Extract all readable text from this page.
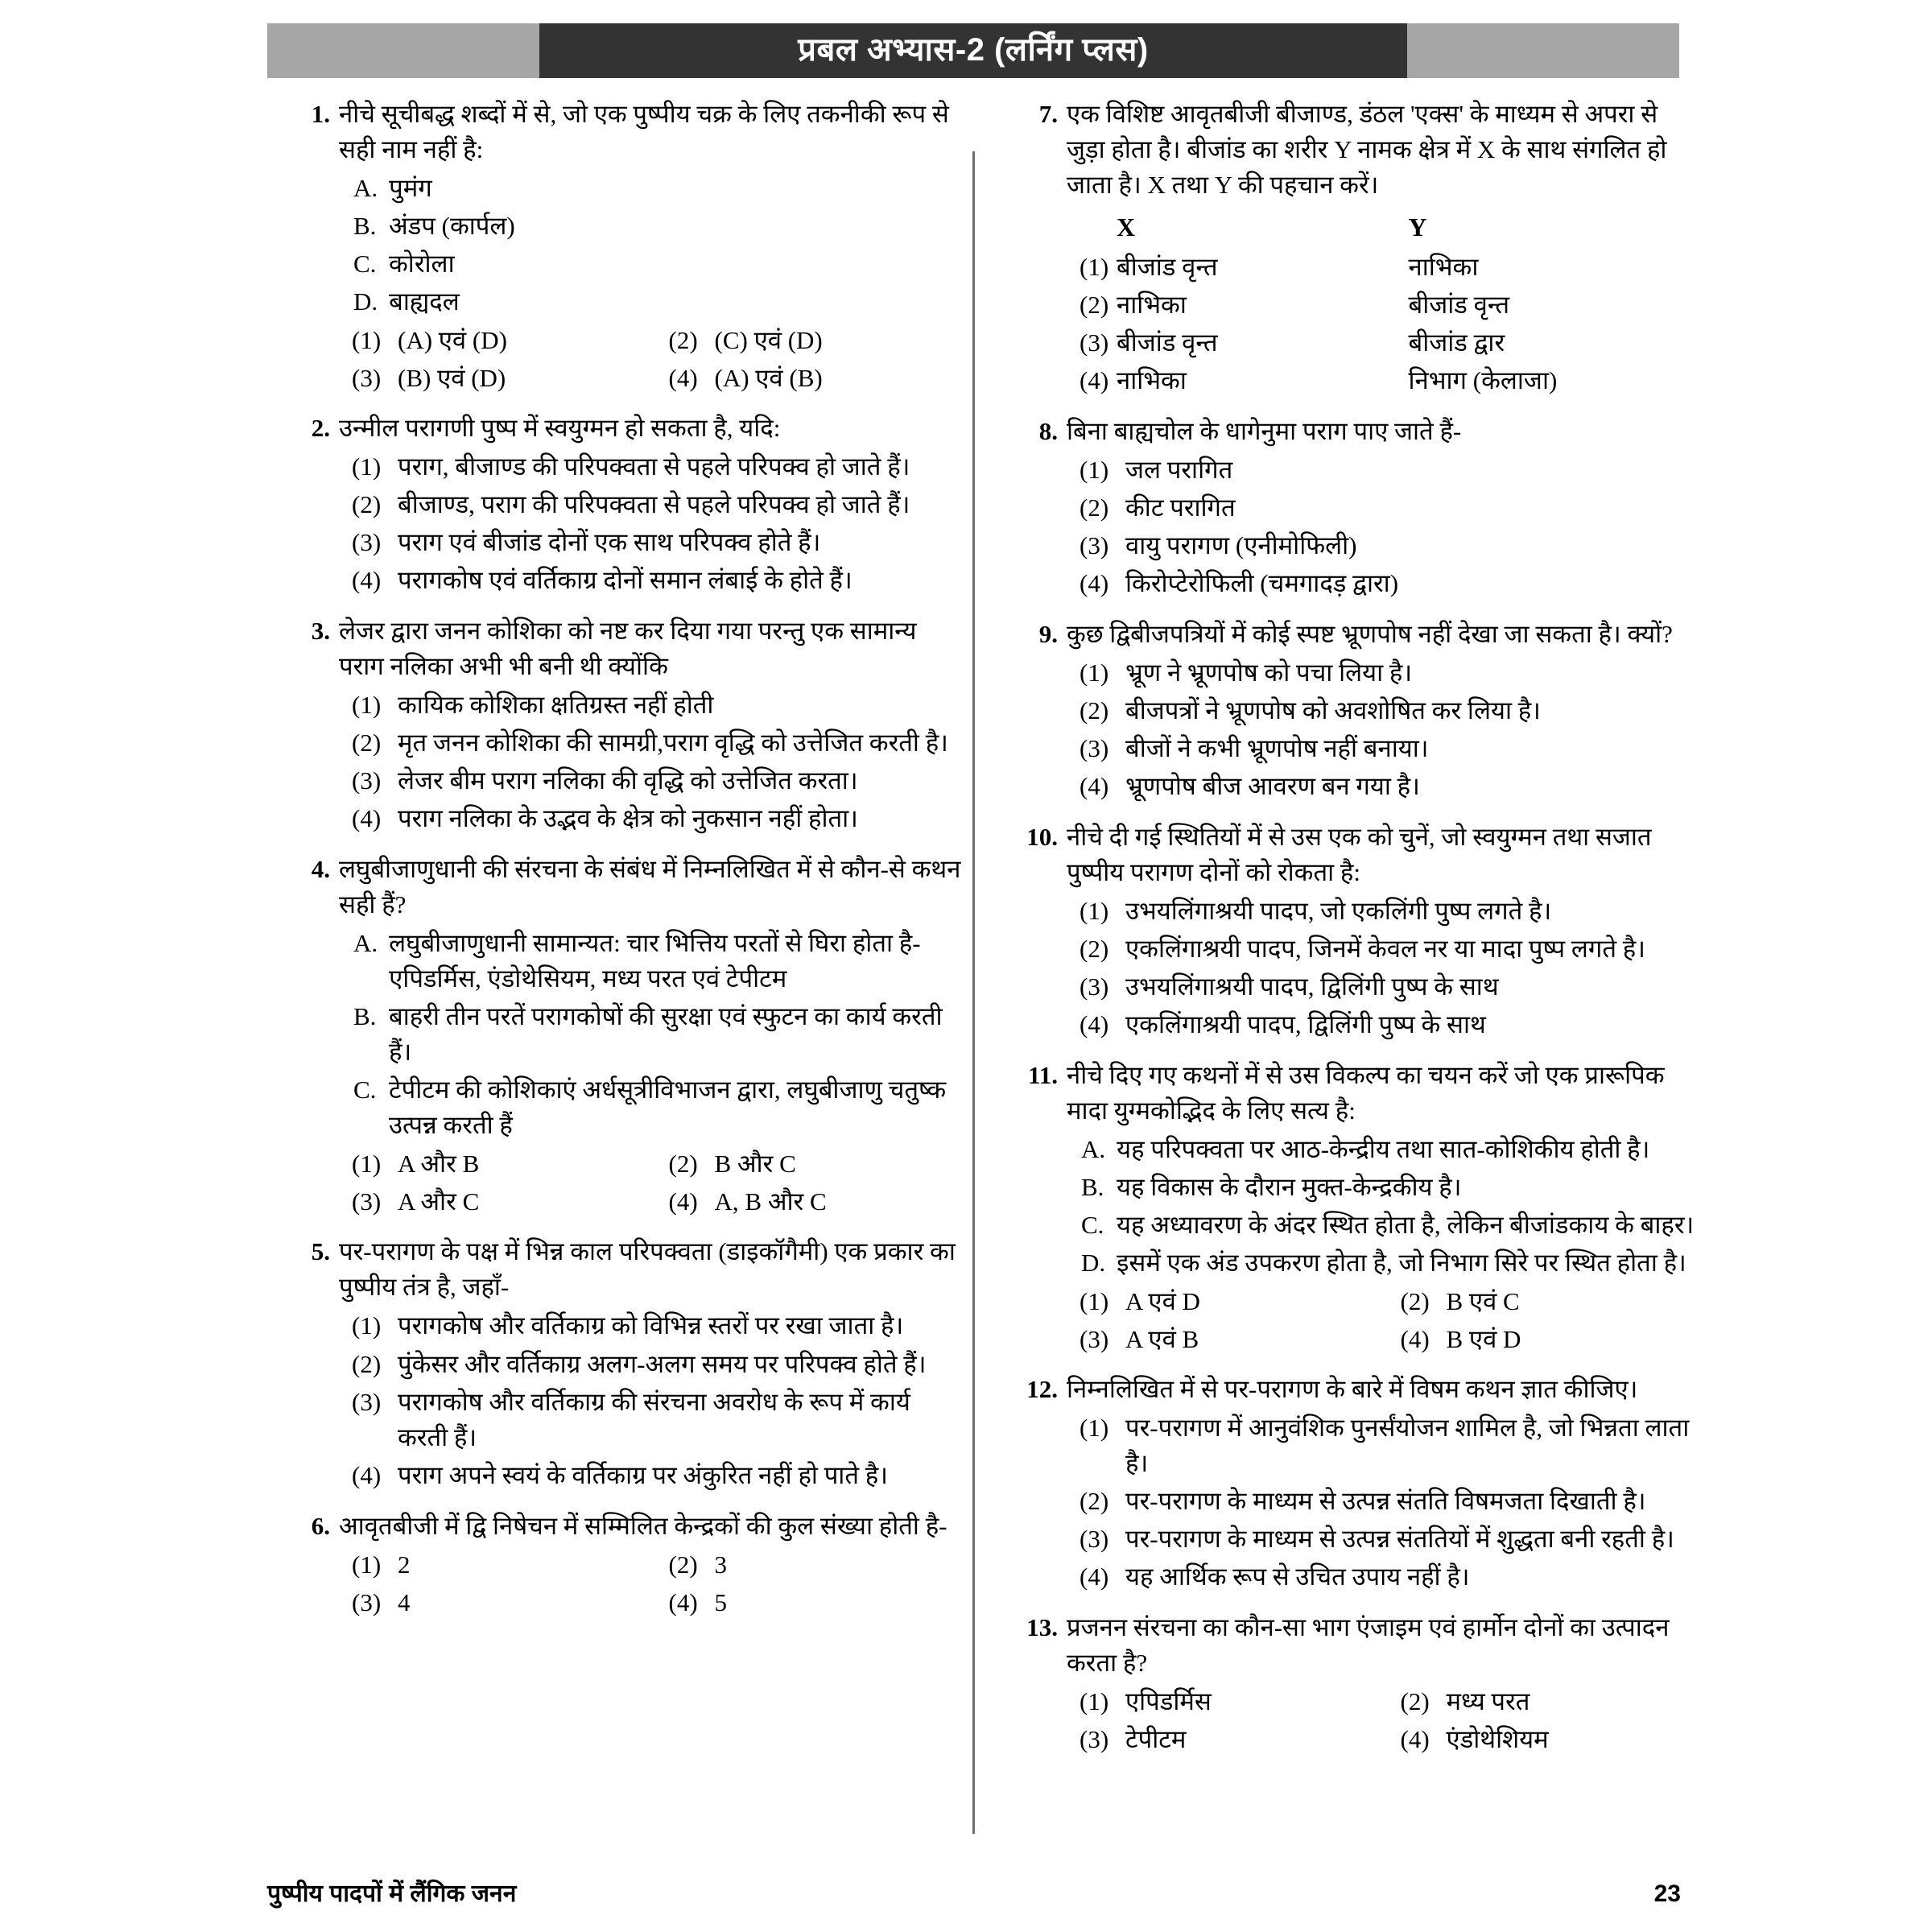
प्रबल अभ्यास-2 (लर्निंग प्लस)
1. नीचे सूचीबद्ध शब्दों में से, जो एक पुष्पीय चक्र के लिए तकनीकी रूप से सही नाम नहीं है:

A. पुमंग
B. अंडप (कार्पल)
C. कोरोला
D. बाह्यदल
(1) (A) एवं (D)	(2) (C) एवं (D)
(3) (B) एवं (D)	(4) (A) एवं (B)
2. उन्मील परागणी पुष्प में स्वयुग्मन हो सकता है, यदि:

(1) पराग, बीजाण्ड की परिपक्वता से पहले परिपक्व हो जाते हैं।
(2) बीजाण्ड, पराग की परिपक्वता से पहले परिपक्व हो जाते हैं।
(3) पराग एवं बीजांड दोनों एक साथ परिपक्व होते हैं।
(4) परागकोष एवं वर्तिकाग्र दोनों समान लंबाई के होते हैं।
3. लेजर द्वारा जनन कोशिका को नष्ट कर दिया गया परन्तु एक सामान्य पराग नलिका अभी भी बनी थी क्योंकि

(1) कायिक कोशिका क्षतिग्रस्त नहीं होती
(2) मृत जनन कोशिका की सामग्री,पराग वृद्धि को उत्तेजित करती है।
(3) लेजर बीम पराग नलिका की वृद्धि को उत्तेजित करता।
(4) पराग नलिका के उद्भव के क्षेत्र को नुकसान नहीं होता।
4. लघुबीजाणुधानी की संरचना के संबंध में निम्नलिखित में से कौन-से कथन सही हैं?

A. लघुबीजाणुधानी सामान्यत: चार भित्तिय परतों से घिरा होता है- एपिडर्मिस, एंडोथेसियम, मध्य परत एवं टेपीटम
B. बाहरी तीन परतें परागकोषों की सुरक्षा एवं स्फुटन का कार्य करती हैं।
C. टेपीटम की कोशिकाएं अर्धसूत्रीविभाजन द्वारा, लघुबीजाणु चतुष्क उत्पन्न करती हैं
(1) A और B	(2) B और C
(3) A और C	(4) A, B और C
5. पर-परागण के पक्ष में भिन्न काल परिपक्वता (डाइकॉगैमी) एक प्रकार का पुष्पीय तंत्र है, जहाँ-

(1) परागकोष और वर्तिकाग्र को विभिन्न स्तरों पर रखा जाता है।
(2) पुंकेसर और वर्तिकाग्र अलग-अलग समय पर परिपक्व होते हैं।
(3) परागकोष और वर्तिकाग्र की संरचना अवरोध के रूप में कार्य करती हैं।
(4) पराग अपने स्वयं के वर्तिकाग्र पर अंकुरित नहीं हो पाते है।
6. आवृतबीजी में द्वि निषेचन में सम्मिलित केन्द्रकों की कुल संख्या होती है-

(1) 2	(2) 3
(3) 4	(4) 5
7. एक विशिष्ट आवृतबीजी बीजाण्ड, डंठल 'एक्स' के माध्यम से अपरा से जुड़ा होता है। बीजांड का शरीर Y नामक क्षेत्र में X के साथ संगलित हो जाता है। X तथा Y की पहचान करें।

X	Y
(1) बीजांड वृन्त	नाभिका
(2) नाभिका	बीजांड वृन्त
(3) बीजांड वृन्त	बीजांड द्वार
(4) नाभिका	निभाग (केलाजा)
8. बिना बाह्यचोल के धागेनुमा पराग पाए जाते हैं-

(1) जल परागित
(2) कीट परागित
(3) वायु परागण (एनीमोफिली)
(4) किरोप्टेरोफिली (चमगादड़ द्वारा)
9. कुछ द्विबीजपत्रियों में कोई स्पष्ट भ्रूणपोष नहीं देखा जा सकता है। क्यों?

(1) भ्रूण ने भ्रूणपोष को पचा लिया है।
(2) बीजपत्रों ने भ्रूणपोष को अवशोषित कर लिया है।
(3) बीजों ने कभी भ्रूणपोष नहीं बनाया।
(4) भ्रूणपोष बीज आवरण बन गया है।
10. नीचे दी गई स्थितियों में से उस एक को चुनें, जो स्वयुग्मन तथा सजात पुष्पीय परागण दोनों को रोकता है:

(1) उभयलिंगाश्रयी पादप, जो एकलिंगी पुष्प लगते है।
(2) एकलिंगाश्रयी पादप, जिनमें केवल नर या मादा पुष्प लगते है।
(3) उभयलिंगाश्रयी पादप, द्विलिंगी पुष्प के साथ
(4) एकलिंगाश्रयी पादप, द्विलिंगी पुष्प के साथ
11. नीचे दिए गए कथनों में से उस विकल्प का चयन करें जो एक प्रारूपिक मादा युग्मकोद्भिद के लिए सत्य है:

A. यह परिपक्वता पर आठ-केन्द्रीय तथा सात-कोशिकीय होती है।
B. यह विकास के दौरान मुक्त-केन्द्रकीय है।
C. यह अध्यावरण के अंदर स्थित होता है, लेकिन बीजांडकाय के बाहर।
D. इसमें एक अंड उपकरण होता है, जो निभाग सिरे पर स्थित होता है।
(1) A एवं D	(2) B एवं C
(3) A एवं B	(4) B एवं D
12. निम्नलिखित में से पर-परागण के बारे में विषम कथन ज्ञात कीजिए।

(1) पर-परागण में आनुवंशिक पुनर्संयोजन शामिल है, जो भिन्नता लाता है।
(2) पर-परागण के माध्यम से उत्पन्न संतति विषमजता दिखाती है।
(3) पर-परागण के माध्यम से उत्पन्न संततियों में शुद्धता बनी रहती है।
(4) यह आर्थिक रूप से उचित उपाय नहीं है।
13. प्रजनन संरचना का कौन-सा भाग एंजाइम एवं हार्मोन दोनों का उत्पादन करता है?

(1) एपिडर्मिस	(2) मध्य परत
(3) टेपीटम	(4) एंडोथेशियम
पुष्पीय पादपों में लैंगिक जनन	23
